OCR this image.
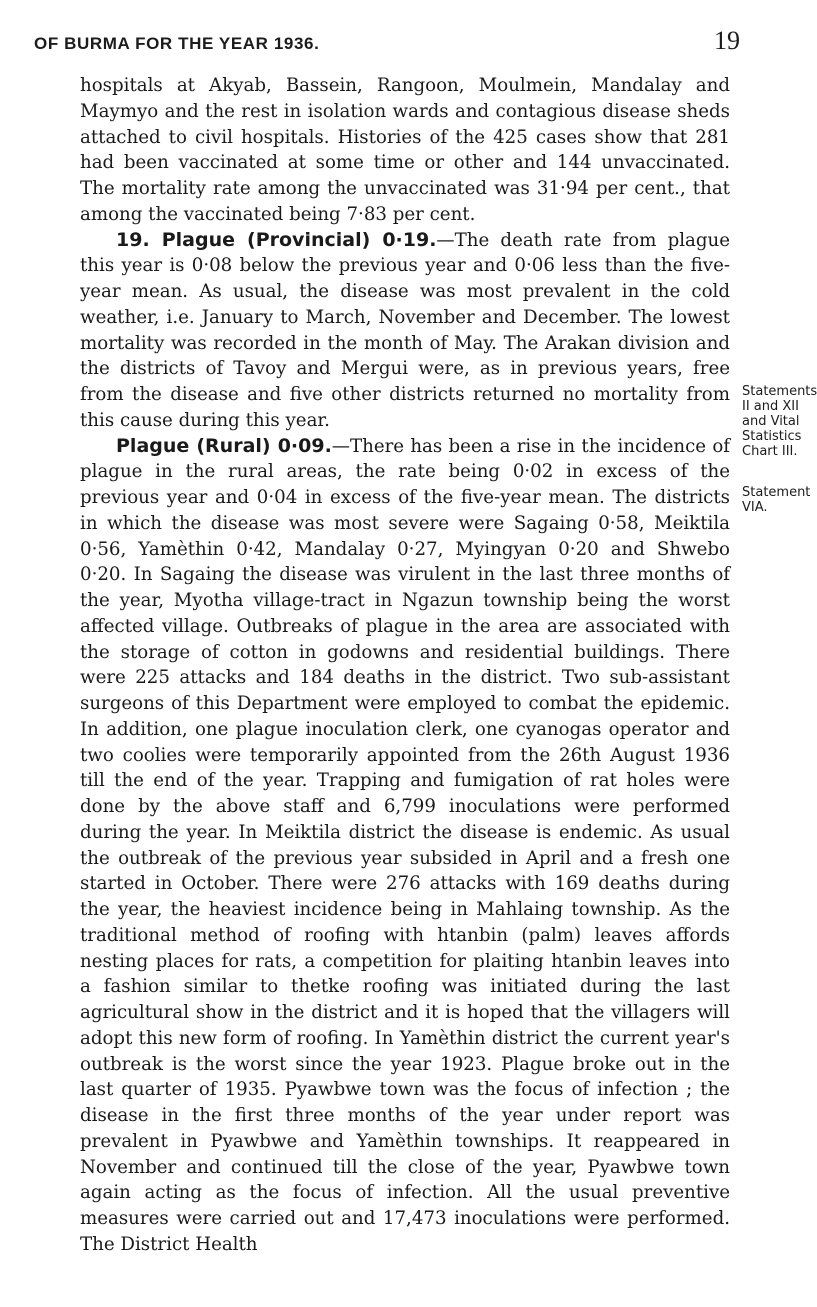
OF BURMA FOR THE YEAR 1936.	19

hospitals at Akyab, Bassein, Rangoon, Moulmein, Mandalay and Maymyo and the rest in isolation wards and contagious disease sheds attached to civil hospitals. Histories of the 425 cases show that 281 had been vaccinated at some time or other and 144 unvaccinated. The mortality rate among the unvaccinated was 31·94 per cent., that among the vaccinated being 7·83 per cent.

19. Plague (Provincial) 0·19.—The death rate from plague this year is 0·08 below the previous year and 0·06 less than the five-year mean. As usual, the disease was most prevalent in the cold weather, i.e. January to March, November and December. The lowest mortality was recorded in the month of May. The Arakan division and the districts of Tavoy and Mergui were, as in previous years, free from the disease and five other districts returned no mortality from this cause during this year.

Plague (Rural) 0·09.—There has been a rise in the incidence of plague in the rural areas, the rate being 0·02 in excess of the previous year and 0·04 in excess of the five-year mean. The districts in which the disease was most severe were Sagaing 0·58, Meiktila 0·56, Yamèthin 0·42, Mandalay 0·27, Myingyan 0·20 and Shwebo 0·20. In Sagaing the disease was virulent in the last three months of the year, Myotha village-tract in Ngazun township being the worst affected village. Outbreaks of plague in the area are associated with the storage of cotton in godowns and residential buildings. There were 225 attacks and 184 deaths in the district. Two sub-assistant surgeons of this Department were employed to combat the epidemic. In addition, one plague inoculation clerk, one cyanogas operator and two coolies were temporarily appointed from the 26th August 1936 till the end of the year. Trapping and fumigation of rat holes were done by the above staff and 6,799 inoculations were performed during the year. In Meiktila district the disease is endemic. As usual the outbreak of the previous year subsided in April and a fresh one started in October. There were 276 attacks with 169 deaths during the year, the heaviest incidence being in Mahlaing township. As the traditional method of roofing with htanbin (palm) leaves affords nesting places for rats, a competition for plaiting htanbin leaves into a fashion similar to thetke roofing was initiated during the last agricultural show in the district and it is hoped that the villagers will adopt this new form of roofing. In Yamèthin district the current year's outbreak is the worst since the year 1923. Plague broke out in the last quarter of 1935. Pyawbwe town was the focus of infection ; the disease in the first three months of the year under report was prevalent in Pyawbwe and Yamèthin townships. It reappeared in November and continued till the close of the year, Pyawbwe town again acting as the focus of infection. All the usual preventive measures were carried out and 17,473 inoculations were performed. The District Health

Statements II and XII and Vital Statistics Chart III.
Statement VIA.
